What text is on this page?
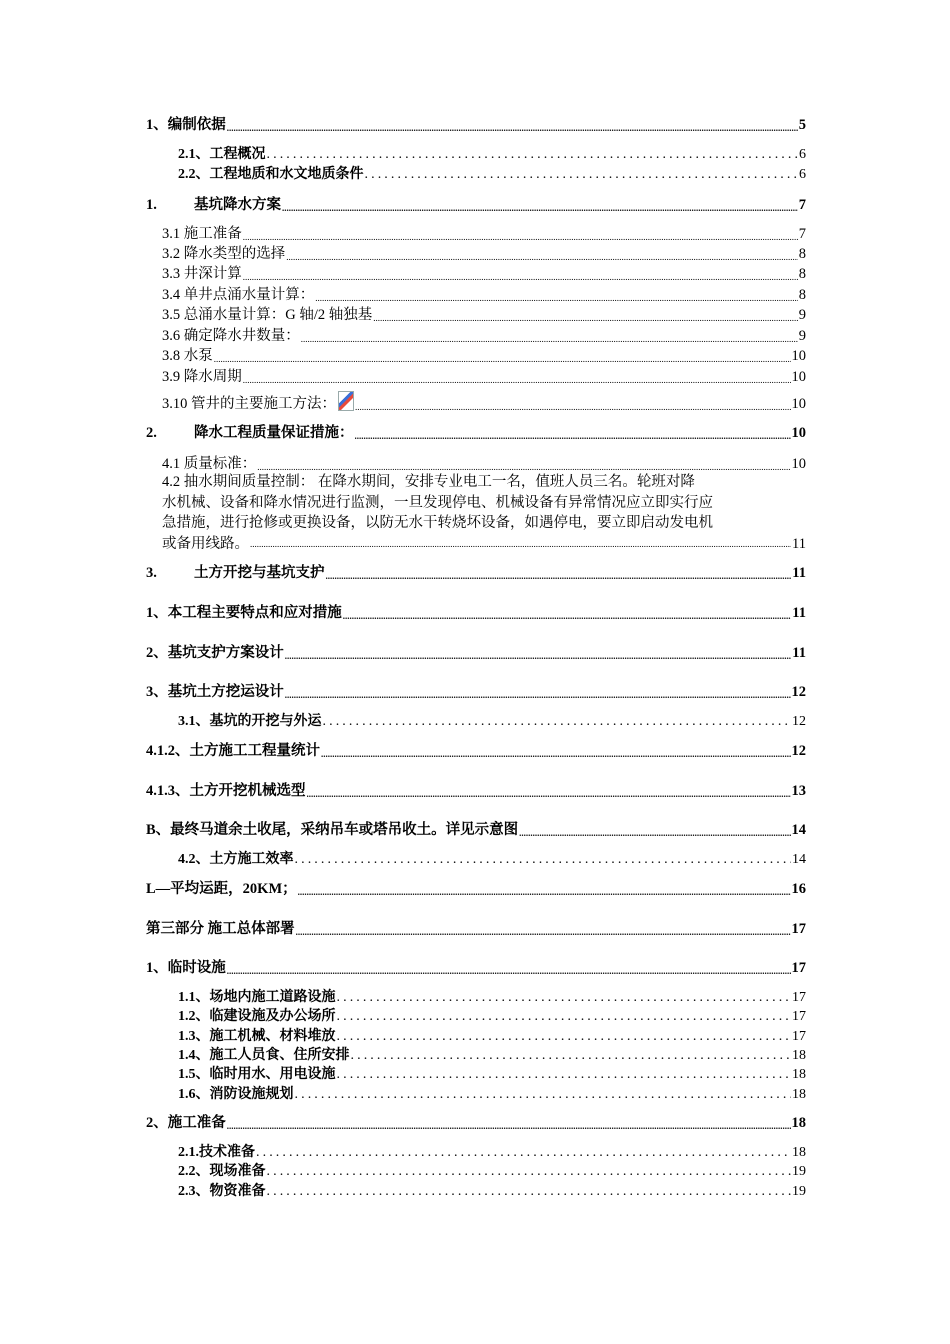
1、编制依据 .....	5
2.1、工程概况 .....	6
2.2、工程地质和水文地质条件 .....	6
1.	基坑降水方案 .....	7
3.1 施工准备 .....	7
3.2 降水类型的选择 .....	8
3.3 井深计算 .....	8
3.4 单井点涌水量计算： .....	8
3.5 总涌水量计算：G 轴/2 轴独基 .....	9
3.6 确定降水井数量： .....	9
3.8 水泵 .....	10
3.9 降水周期 .....	10
3.10 管井的主要施工方法： .....	10
2.	降水工程质量保证措施： .....	10
4.1 质量标准： .....	10
4.2 抽水期间质量控制： 在降水期间，安排专业电工一名，值班人员三名。轮班对降
水机械、设备和降水情况进行监测，一旦发现停电、机械设备有异常情况应立即实行应
急措施，进行抢修或更换设备，以防无水干转烧坏设备，如遇停电，要立即启动发电机
或备用线路。 .....	11
3.	土方开挖与基坑支护 .....	11
1、本工程主要特点和应对措施 .....	11
2、基坑支护方案设计 .....	11
3、基坑土方挖运设计 .....	12
3.1、基坑的开挖与外运 .....	12
4.1.2、土方施工工程量统计 .....	12
4.1.3、土方开挖机械选型 .....	13
B、最终马道余土收尾，采纳吊车或塔吊收土。详见示意图 .....	14
4.2、土方施工效率 .....	14
L—平均运距，20KM； .....	16
第三部分 施工总体部署 .....	17
1、临时设施 .....	17
1.1、场地内施工道路设施 .....	17
1.2、临建设施及办公场所 .....	17
1.3、施工机械、材料堆放 .....	17
1.4、施工人员食、住所安排 .....	18
1.5、临时用水、用电设施 .....	18
1.6、消防设施规划 .....	18
2、施工准备 .....	18
2.1.技术准备 .....	18
2.2、现场准备 .....	19
2.3、物资准备 .....	19
